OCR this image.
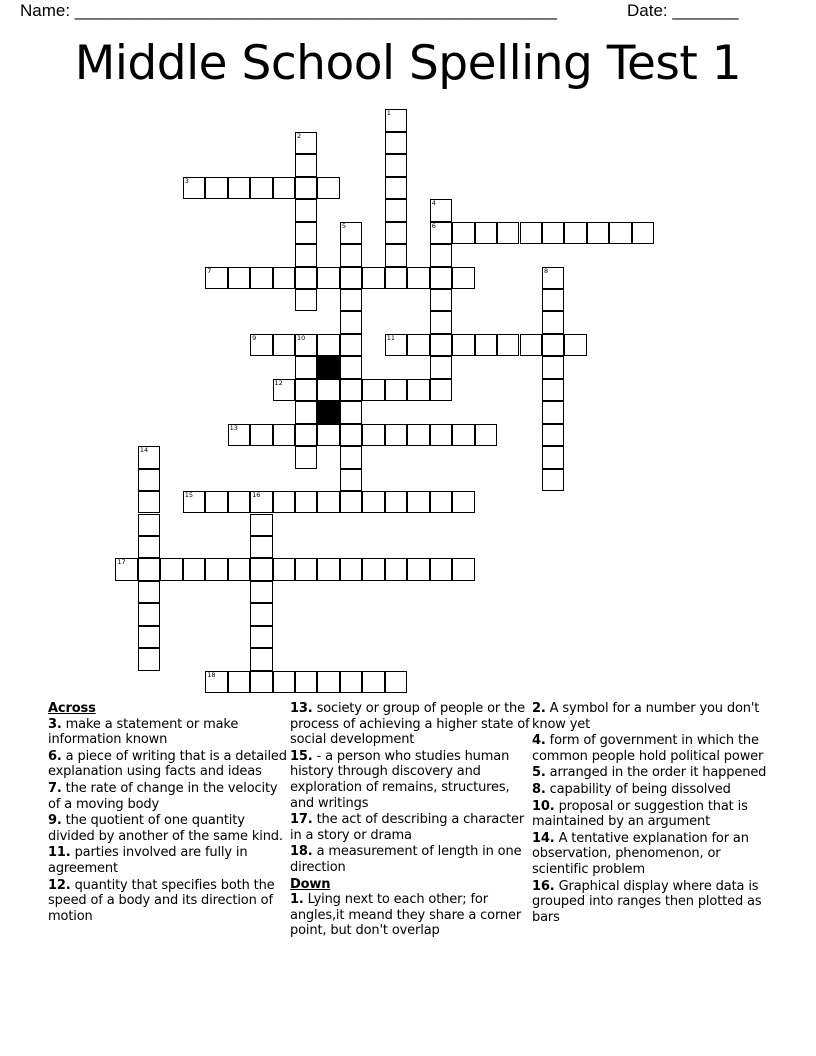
Name: ___________________________________________________	Date: _______
Middle School Spelling Test 1
1
2
3
4
6
5
7	8
9	10	11
12
13
14
15	16
17
18
Across
3. make a statement or make information known
6. a piece of writing that is a detailed explanation using facts and ideas
7. the rate of change in the velocity of a moving body
9. the quotient of one quantity divided by another of the same kind.
11. parties involved are fully in agreement
12. quantity that specifies both the speed of a body and its direction of motion
13. society or group of people or the process of achieving a higher state of social development
15. - a person who studies human history through discovery and exploration of remains, structures, and writings
17. the act of describing a character in a story or drama
18. a measurement of length in one direction
Down
1. Lying next to each other; for angles,it meand they share a corner point, but don't overlap
2. A symbol for a number you don't know yet
4. form of government in which the common people hold political power
5. arranged in the order it happened
8. capability of being dissolved
10. proposal or suggestion that is maintained by an argument
14. A tentative explanation for an observation, phenomenon, or scientific problem
16. Graphical display where data is grouped into ranges then plotted as bars
